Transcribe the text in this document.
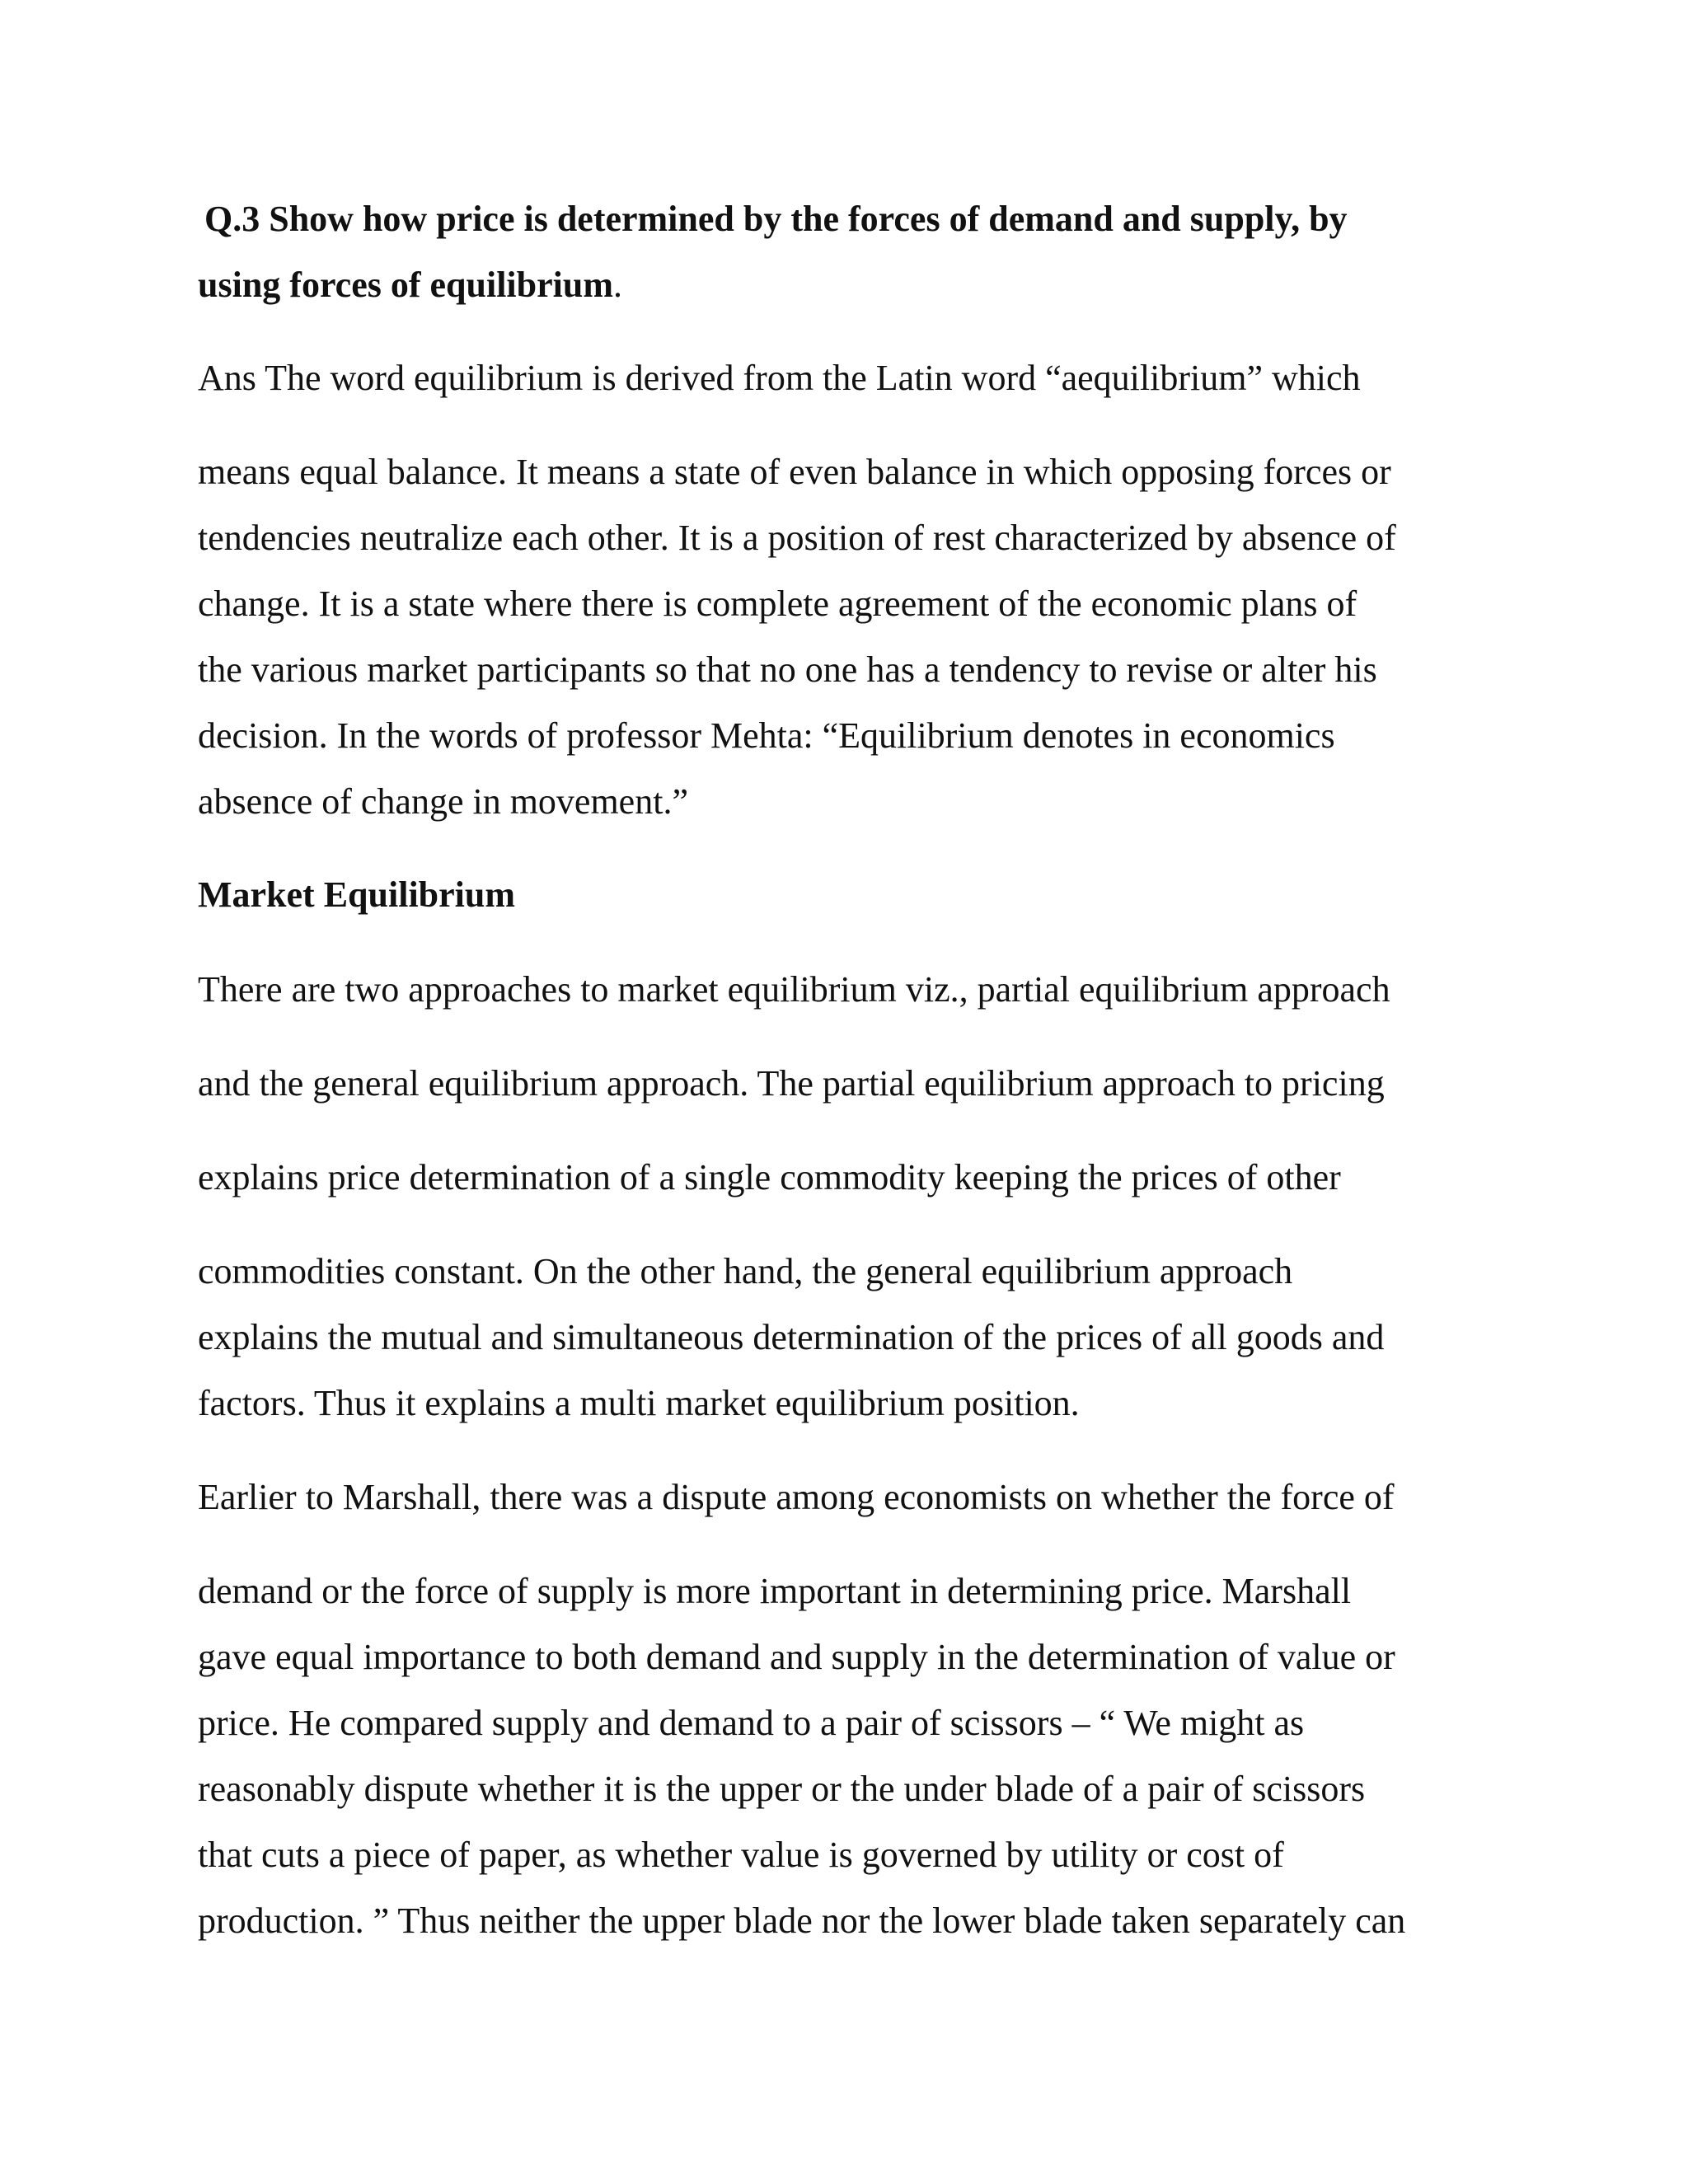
Q.3 Show how price is determined by the forces of demand and supply, by
using forces of equilibrium.
Ans The word equilibrium is derived from the Latin word “aequilibrium” which
means equal balance. It means a state of even balance in which opposing forces or
tendencies neutralize each other. It is a position of rest characterized by absence of
change. It is a state where there is complete agreement of the economic plans of
the various market participants so that no one has a tendency to revise or alter his
decision. In the words of professor Mehta: “Equilibrium denotes in economics
absence of change in movement.”
Market Equilibrium
There are two approaches to market equilibrium viz., partial equilibrium approach
and the general equilibrium approach. The partial equilibrium approach to pricing
explains price determination of a single commodity keeping the prices of other
commodities constant. On the other hand, the general equilibrium approach
explains the mutual and simultaneous determination of the prices of all goods and
factors. Thus it explains a multi market equilibrium position.
Earlier to Marshall, there was a dispute among economists on whether the force of
demand or the force of supply is more important in determining price. Marshall
gave equal importance to both demand and supply in the determination of value or
price. He compared supply and demand to a pair of scissors – “ We might as
reasonably dispute whether it is the upper or the under blade of a pair of scissors
that cuts a piece of paper, as whether value is governed by utility or cost of
production. ” Thus neither the upper blade nor the lower blade taken separately can
